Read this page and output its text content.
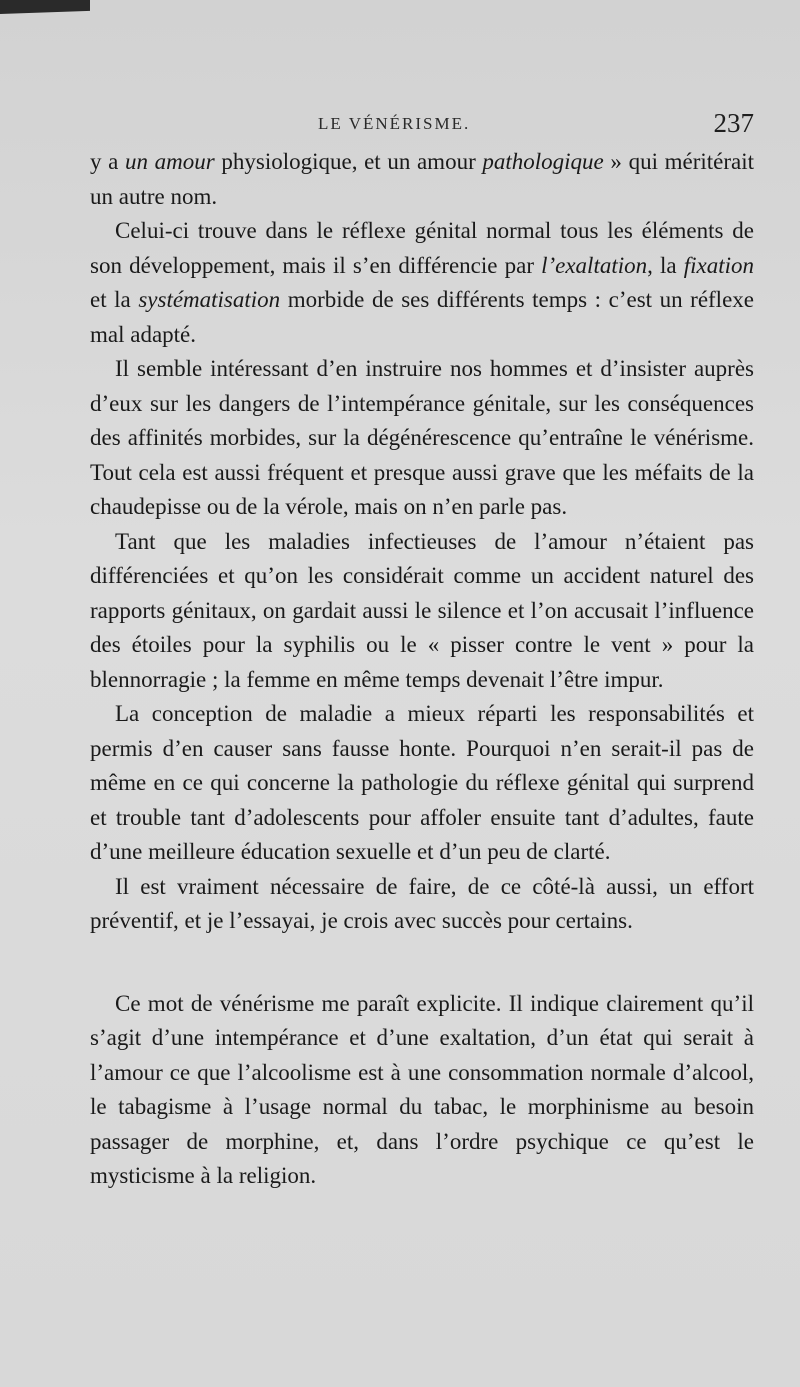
LE VÉNÉRISME.	237

y a un amour physiologique, et un amour pathologique » qui méritérait un autre nom.

Celui-ci trouve dans le réflexe génital normal tous les éléments de son développement, mais il s’en différencie par l’exaltation, la fixation et la systématisation morbide de ses différents temps : c’est un réflexe mal adapté.

Il semble intéressant d’en instruire nos hommes et d’insister auprès d’eux sur les dangers de l’intempérance génitale, sur les conséquences des affinités morbides, sur la dégénérescence qu’entraîne le vénérisme. Tout cela est aussi fréquent et presque aussi grave que les méfaits de la chaudepisse ou de la vérole, mais on n’en parle pas.

Tant que les maladies infectieuses de l’amour n’étaient pas différenciées et qu’on les considérait comme un accident naturel des rapports génitaux, on gardait aussi le silence et l’on accusait l’influence des étoiles pour la syphilis ou le « pisser contre le vent » pour la blennorragie ; la femme en même temps devenait l’être impur.

La conception de maladie a mieux réparti les responsabilités et permis d’en causer sans fausse honte. Pourquoi n’en serait-il pas de même en ce qui concerne la pathologie du réflexe génital qui surprend et trouble tant d’adolescents pour affoler ensuite tant d’adultes, faute d’une meilleure éducation sexuelle et d’un peu de clarté.

Il est vraiment nécessaire de faire, de ce côté-là aussi, un effort préventif, et je l’essayai, je crois avec succès pour certains.

Ce mot de vénérisme me paraît explicite. Il indique clairement qu’il s’agit d’une intempérance et d’une exaltation, d’un état qui serait à l’amour ce que l’alcoolisme est à une consommation normale d’alcool, le tabagisme à l’usage normal du tabac, le morphinisme au besoin passager de morphine, et, dans l’ordre psychique ce qu’est le mysticisme à la religion.
